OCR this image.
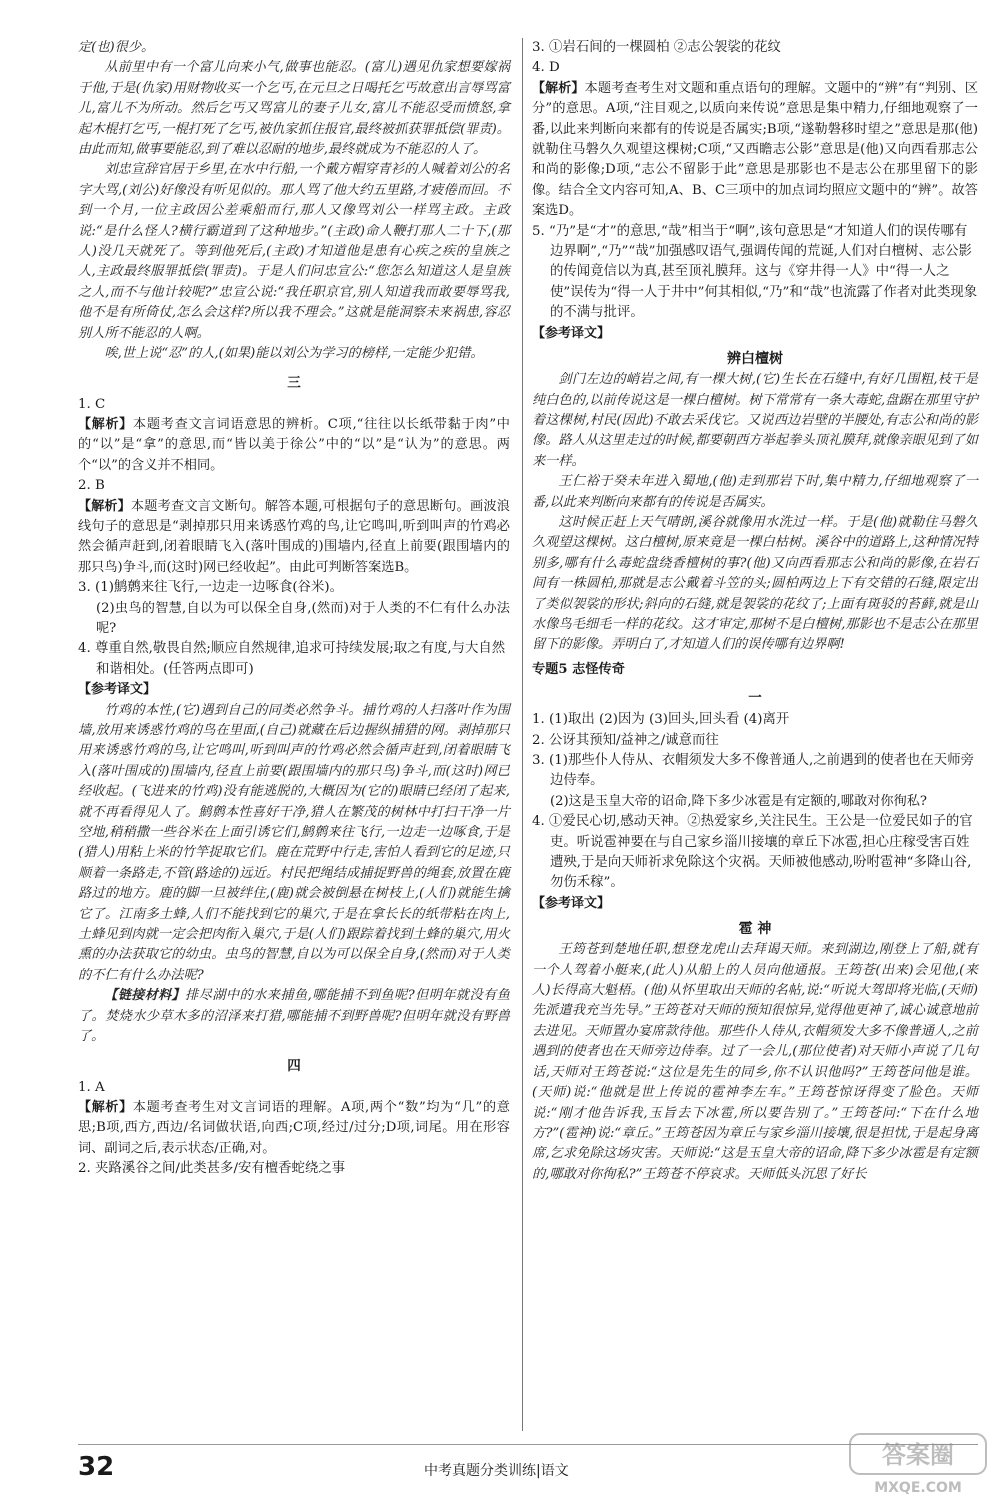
定(也)很少。

从前里中有一个富儿向来小气,做事也能忍。(富儿)遇见仇家想要嫁祸于他,于是(仇家)用财物收买一个乞丐,在元旦之日喝托乞丐故意出言辱骂富儿,富儿不为所动。然后乞丐又骂富儿的妻子儿女,富儿不能忍受而愤怒,拿起木棍打乞丐,一棍打死了乞丐,被仇家抓住报官,最终被抓获罪抵偿(罪责)。由此而知,做事要能忍,到了难以忍耐的地步,最终就成为不能忍的人了。

刘忠宣辞官居于乡里,在水中行船,一个戴方帽穿青衫的人喊着刘公的名字大骂,(刘公)好像没有听见似的。那人骂了他大约五里路,才疲倦而回。不到一个月,一位主政因公差乘船而行,那人又像骂刘公一样骂主政。主政说:“是什么怪人?横行霸道到了这种地步。”(主政)命人鞭打那人二十下,(那人)没几天就死了。等到他死后,(主政)才知道他是患有心疾之疾的皇族之人,主政最终服罪抵偿(罪责)。于是人们问忠宣公:“您怎么知道这人是皇族之人,而不与他计较呢?”忠宣公说:“我任职京官,别人知道我而敢要辱骂我,他不是有所倚仗,怎么会这样?所以我不理会。”这就是能洞察未来祸患,容忍别人所不能忍的人啊。

唉,世上说“忍”的人,(如果)能以刘公为学习的榜样,一定能少犯错。

三

1. C

【解析】本题考查文言词语意思的辨析。C项,“往往以长纸带黏于肉”中的“以”是“拿”的意思,而“皆以美于徐公”中的“以”是“认为”的意思。两个“以”的含义并不相同。

2. B

【解析】本题考查文言文断句。解答本题,可根据句子的意思断句。画波浪线句子的意思是“剥掉那只用来诱惑竹鸡的鸟,让它鸣叫,听到叫声的竹鸡必然会循声赶到,闭着眼睛飞入(落叶围成的)围墙内,径直上前要(跟围墙内的那只鸟)争斗,而(这时)网已经收起”。由此可判断答案选B。

3. (1)鹪鹩来往飞行,一边走一边啄食(谷米)。

(2)虫鸟的智慧,自以为可以保全自身,(然而)对于人类的不仁有什么办法呢?

4. 尊重自然,敬畏自然;顺应自然规律,追求可持续发展;取之有度,与大自然和谐相处。(任答两点即可)

【参考译文】

竹鸡的本性,(它)遇到自己的同类必然争斗。捕竹鸡的人扫落叶作为围墙,放用来诱惑竹鸡的鸟在里面,(自己)就藏在后边握纵捕猎的网。剥掉那只用来诱惑竹鸡的鸟,让它鸣叫,听到叫声的竹鸡必然会循声赶到,闭着眼睛飞入(落叶围成的)围墙内,径直上前要(跟围墙内的那只鸟)争斗,而(这时)网已经收起。(飞进来的竹鸡)没有能逃脱的,大概因为(它的)眼睛已经闭了起来,就不再看得见人了。鹪鹩本性喜好干净,猎人在繁茂的树林中打扫干净一片空地,稍稍撒一些谷米在上面引诱它们,鹪鹩来往飞行,一边走一边啄食,于是(猎人)用粘上米的竹竿捉取它们。鹿在荒野中行走,害怕人看到它的足迹,只顺着一条路走,不管(路途的)远近。村民把绳结成捕捉野兽的绳套,放置在鹿路过的地方。鹿的脚一旦被绊住,(鹿)就会被倒悬在树枝上,(人们)就能生擒它了。江南多土蜂,人们不能找到它的巢穴,于是在拿长长的纸带粘在肉上,土蜂见到肉就一定会把肉衔入巢穴,于是(人们)跟踪着找到土蜂的巢穴,用火熏的办法获取它的幼虫。虫鸟的智慧,自以为可以保全自身,(然而)对于人类的不仁有什么办法呢?

【链接材料】排尽湖中的水来捕鱼,哪能捕不到鱼呢?但明年就没有鱼了。焚烧水少草木多的沼泽来打猎,哪能捕不到野兽呢?但明年就没有野兽了。

四

1. A

【解析】本题考查考生对文言词语的理解。A项,两个“数”均为“几”的意思;B项,西方,西边/名词做状语,向西;C项,经过/过分;D项,词尾。用在形容词、副词之后,表示状态/正确,对。

2. 夹路溪谷之间/此类甚多/安有檀香蛇绕之事

3. ①岩石间的一棵圆柏 ②志公袈裟的花纹

4. D

【解析】本题考查考生对文题和重点语句的理解。文题中的“辨”有“判别、区分”的意思。A项,“注目观之,以质向来传说”意思是集中精力,仔细地观察了一番,以此来判断向来都有的传说是否属实;B项,“遂勒磐移时望之”意思是那(他)就勒住马磐久久观望这棵树;C项,“又西瞻志公影”意思是(他)又向西看那志公和尚的影像;D项,“志公不留影于此”意思是那影也不是志公在那里留下的影像。结合全文内容可知,A、B、C三项中的加点词均照应文题中的“辨”。故答案选D。

5. “乃”是“才”的意思,“哉”相当于“啊”,该句意思是“才知道人们的误传哪有边界啊”,“乃”“哉”加强感叹语气,强调传闻的荒诞,人们对白檀树、志公影的传闻竟信以为真,甚至顶礼膜拜。这与《穿井得一人》中“得一人之使”误传为“得一人于井中”何其相似,“乃”和“哉”也流露了作者对此类现象的不满与批评。

【参考译文】

辨白檀树

剑门左边的峭岩之间,有一棵大树,(它)生长在石缝中,有好几围粗,枝干是纯白色的,以前传说这是一棵白檀树。树下常常有一条大毒蛇,盘踞在那里守护着这棵树,村民(因此)不敢去采伐它。又说西边岩壁的半腰处,有志公和尚的影像。路人从这里走过的时候,都要朝西方举起拳头顶礼膜拜,就像亲眼见到了如来一样。

王仁裕于癸未年进入蜀地,(他)走到那岩下时,集中精力,仔细地观察了一番,以此来判断向来都有的传说是否属实。

这时候正赶上天气晴朗,溪谷就像用水洗过一样。于是(他)就勒住马磐久久观望这棵树。这白檀树,原来竟是一棵白枯树。溪谷中的道路上,这种情况特别多,哪有什么毒蛇盘绕香檀树的事?(他)又向西看那志公和尚的影像,在岩石间有一株圆柏,那就是志公戴着斗笠的头;圆柏两边上下有交错的石缝,限定出了类似袈裟的形状;斜向的石缝,就是袈裟的花纹了;上面有斑驳的苔藓,就是山水像鸟毛细毛一样的花纹。这才审定,那树不是白檀树,那影也不是志公在那里留下的影像。弄明白了,才知道人们的误传哪有边界啊!

专题5 志怪传奇

一

1. (1)取出 (2)因为 (3)回头,回头看 (4)离开

2. 公讶其预知/益神之/诚意而往

3. (1)那些仆人侍从、衣帽须发大多不像普通人,之前遇到的使者也在天师旁边侍奉。

(2)这是玉皇大帝的诏命,降下多少冰雹是有定额的,哪敢对你徇私?

4. ①爱民心切,感动天神。②热爱家乡,关注民生。王公是一位爱民如子的官吏。听说雹神要在与自己家乡淄川接壤的章丘下冰雹,担心庄稼受害百姓遭殃,于是向天师祈求免除这个灾祸。天师被他感动,吩咐雹神“多降山谷,勿伤禾稼”。

【参考译文】

雹 神

王筠苍到楚地任职,想登龙虎山去拜谒天师。来到湖边,刚登上了船,就有一个人驾着小艇来,(此人)从船上的人员向他通报。王筠苍(出来)会见他,(来人)长得高大魁梧。(他)从怀里取出天师的名帖,说:“听说大驾即将光临,(天师)先派遣我充当先导。”王筠苍对天师的预知很惊异,觉得他更神了,诚心诚意地前去进见。天师置办宴席款待他。那些仆人侍从,衣帽须发大多不像普通人,之前遇到的使者也在天师旁边侍奉。过了一会儿,(那位使者)对天师小声说了几句话,天师对王筠苍说:“这位是先生的同乡,你不认识他吗?”王筠苍问他是谁。(天师)说:“他就是世上传说的雹神李左车。”王筠苍惊讶得变了脸色。天师说:“刚才他告诉我,玉旨去下冰雹,所以要告别了。”王筠苍问:“下在什么地方?”(雹神)说:“章丘。”王筠苍因为章丘与家乡淄川接壤,很是担忧,于是起身离席,乞求免除这场灾害。天师说:“这是玉皇大帝的诏命,降下多少冰雹是有定额的,哪敢对你徇私?”王筠苍不停哀求。天师低头沉思了好长

32	中考真题分类训练|语文
答案圈
MXQE.COM
